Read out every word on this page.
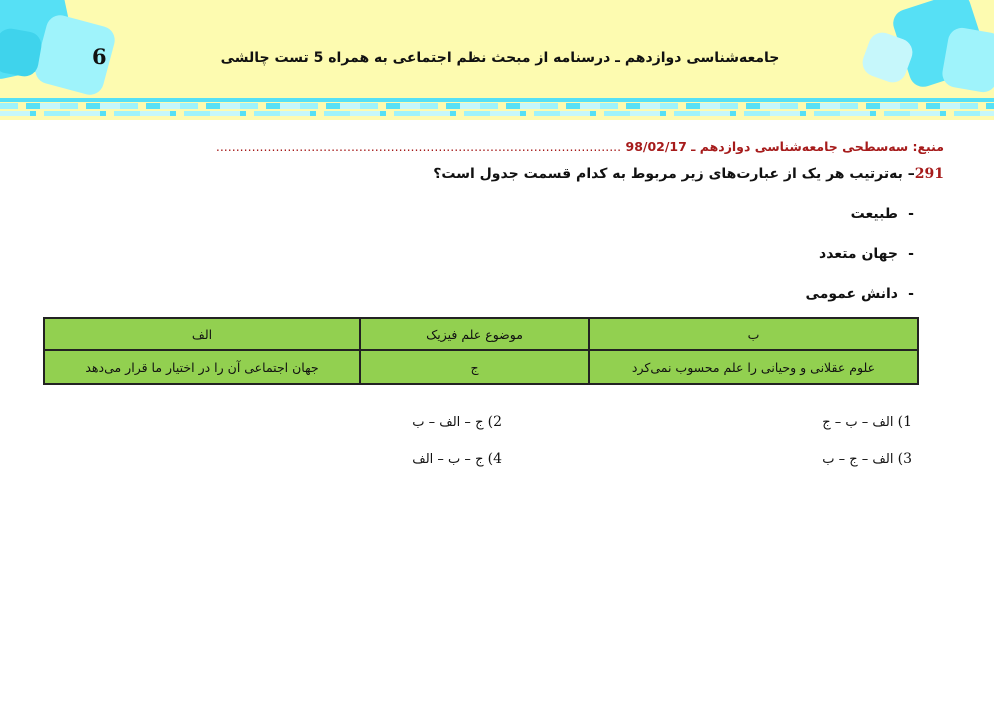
6	جامعه‌شناسی دوازدهم ـ درسنامه از مبحث نظم اجتماعی به همراه 5 تست چالشی
منبع: سه‌سطحی جامعه‌شناسی دوازدهم ـ 98/02/17 ......................................................................................................
291– به‌ترتیب هر یک از عبارت‌های زیر مربوط به کدام قسمت جدول است؟
-طبیعت
-جهان متعدد
-دانش عمومی
ب	موضوع علم فیزیک	الف
علوم عقلانی و وحیانی را علم محسوب نمی‌کرد	ج	جهان اجتماعی آن را در اختیار ما قرار می‌دهد
1) الف – ب – ج
2) ج – الف – ب
3) الف – ج – ب
4) ج – ب – الف
